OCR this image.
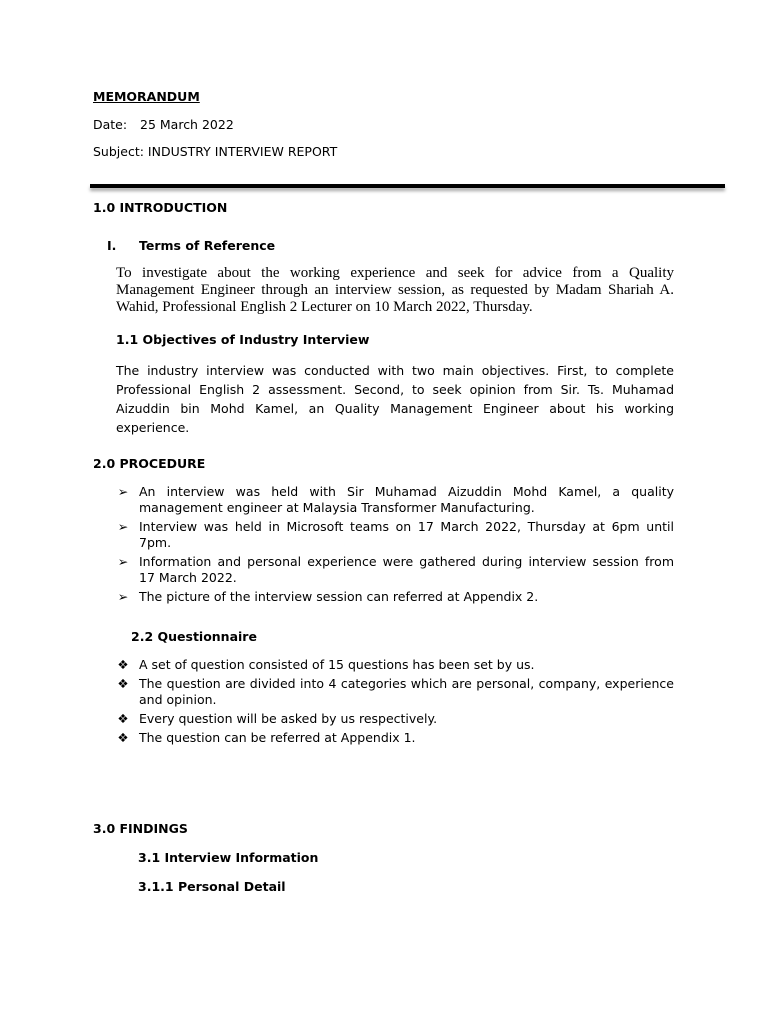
MEMORANDUM
Date: 25 March 2022
Subject: INDUSTRY INTERVIEW REPORT
1.0 INTRODUCTION
I. Terms of Reference

To investigate about the working experience and seek for advice from a Quality Management Engineer through an interview session, as requested by Madam Shariah A. Wahid, Professional English 2 Lecturer on 10 March 2022, Thursday.

1.1 Objectives of Industry Interview

The industry interview was conducted with two main objectives. First, to complete Professional English 2 assessment. Second, to seek opinion from Sir. Ts. Muhamad Aizuddin bin Mohd Kamel, an Quality Management Engineer about his working experience.

2.0 PROCEDURE
➢ An interview was held with Sir Muhamad Aizuddin Mohd Kamel, a quality management engineer at Malaysia Transformer Manufacturing.
➢ Interview was held in Microsoft teams on 17 March 2022, Thursday at 6pm until 7pm.
➢ Information and personal experience were gathered during interview session from 17 March 2022.
➢ The picture of the interview session can referred at Appendix 2.
2.2 Questionnaire
❖ A set of question consisted of 15 questions has been set by us.
❖ The question are divided into 4 categories which are personal, company, experience and opinion.
❖ Every question will be asked by us respectively.
❖ The question can be referred at Appendix 1.
3.0 FINDINGS
3.1 Interview Information
3.1.1 Personal Detail
